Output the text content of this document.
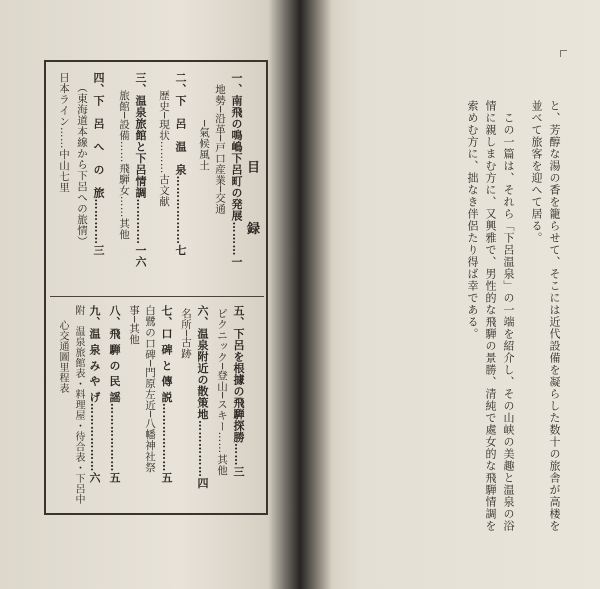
目 録
一、南飛の鳴嶋下呂町の発展………一
地勢─沿革─戸口産業─交通
─氣候風土
二、下　呂　温　泉………………七
歴史─現状………古文献
三、温泉旅館と下呂情調…………一六
旅館─設備……飛騨女……其他
四、下　呂　へ　の　旅…………三
（東海道本線から下呂への旅情）
日本ライン……中山七里
五、下呂を根據の飛騨探勝……三
ピクニック─登山─スキー……其他
六、温泉附近の散策地……………四
名所─古跡
七、口 碑 と 傳 説………………五
白鷺の口碑─門原左近─八幡神社祭
事─其他
八、飛 騨 の 民 謡………………五
九、温 泉 み や げ………………六
附　温泉旅館表・料理屋・待合表・下呂中
心交通圖里程表	と、芳醇な湯の香を籠らせて、そこには近代設備を凝らした数十の旅舎が高楼を
並べて旅客を迎へて居る。
この一篇は、それら「下呂温泉」の一端を紹介し、その山峡の美趣と温泉の浴
情に親しまむ方に、又興雅で、男性的な飛騨の景勝、清純で處女的な飛騨情調を
索めむ方に、拙なき伴侶たり得ば幸である。
